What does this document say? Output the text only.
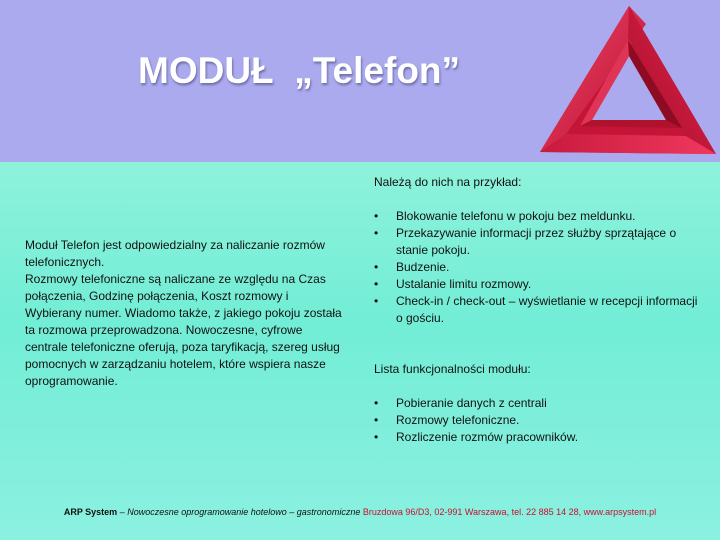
MODUŁ  „Telefon”

Moduł Telefon jest odpowiedzialny za naliczanie rozmów telefonicznych.

Rozmowy telefoniczne są naliczane ze względu na Czas połączenia, Godzinę połączenia, Koszt rozmowy i Wybierany numer. Wiadomo także, z jakiego pokoju została ta rozmowa przeprowadzona. Nowoczesne, cyfrowe centrale telefoniczne oferują, poza taryfikacją, szereg usług pomocnych w zarządzaniu hotelem, które wspiera nasze oprogramowanie.

Należą do nich na przykład:

• Blokowanie telefonu w pokoju bez meldunku.
• Przekazywanie informacji przez służby sprzątające o stanie pokoju.
• Budzenie.
• Ustalanie limitu rozmowy.
• Check-in / check-out – wyświetlanie w recepcji informacji o gościu.

Lista funkcjonalności modułu:

• Pobieranie danych z centrali
• Rozmowy telefoniczne.
• Rozliczenie rozmów pracowników.
ARP System – Nowoczesne oprogramowanie hotelowo – gastronomiczne Bruzdowa 96/D3, 02-991 Warszawa, tel. 22 885 14 28, www.arpsystem.pl
